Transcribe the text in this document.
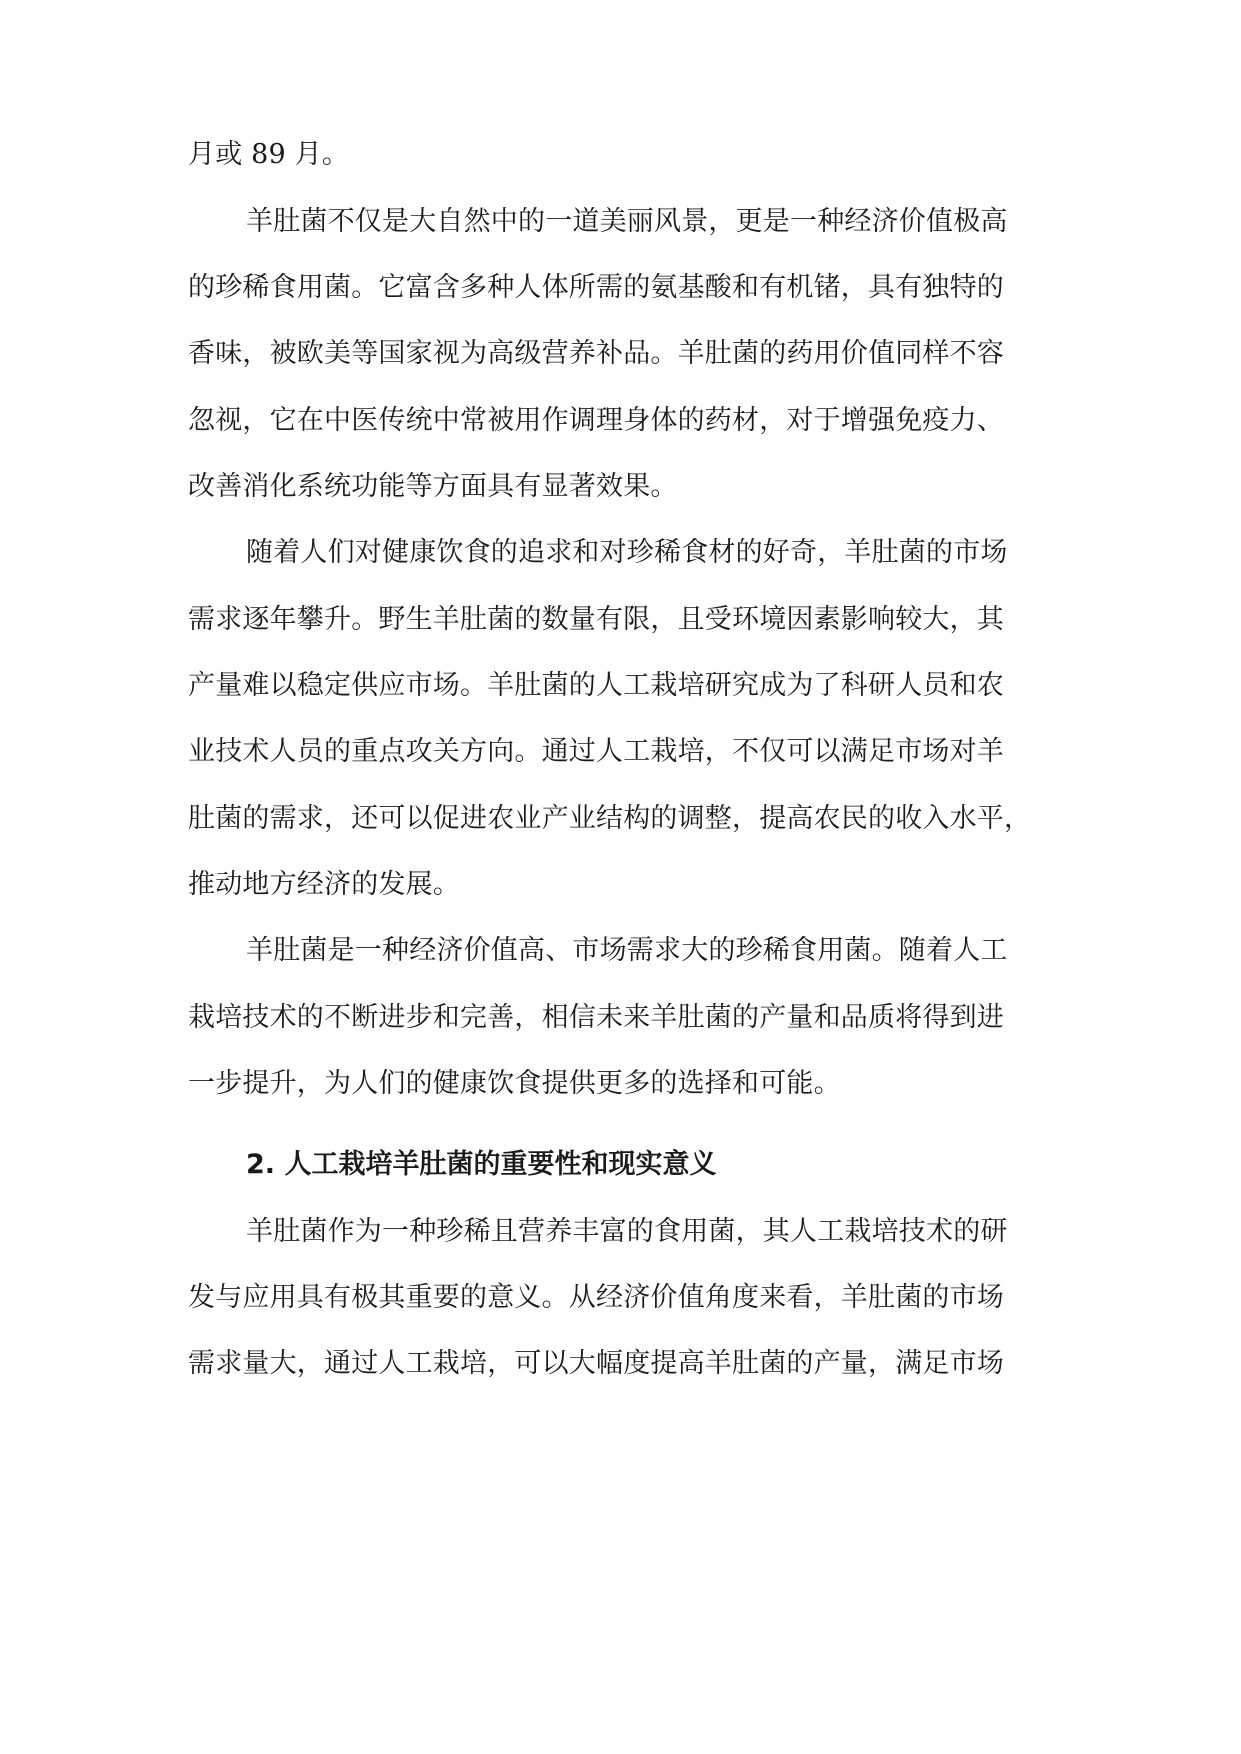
月或 89 月。
羊肚菌不仅是大自然中的一道美丽风景，更是一种经济价值极高
的珍稀食用菌。它富含多种人体所需的氨基酸和有机锗，具有独特的
香味，被欧美等国家视为高级营养补品。羊肚菌的药用价值同样不容
忽视，它在中医传统中常被用作调理身体的药材，对于增强免疫力、
改善消化系统功能等方面具有显著效果。
随着人们对健康饮食的追求和对珍稀食材的好奇，羊肚菌的市场
需求逐年攀升。野生羊肚菌的数量有限，且受环境因素影响较大，其
产量难以稳定供应市场。羊肚菌的人工栽培研究成为了科研人员和农
业技术人员的重点攻关方向。通过人工栽培，不仅可以满足市场对羊
肚菌的需求，还可以促进农业产业结构的调整，提高农民的收入水平，
推动地方经济的发展。
羊肚菌是一种经济价值高、市场需求大的珍稀食用菌。随着人工
栽培技术的不断进步和完善，相信未来羊肚菌的产量和品质将得到进
一步提升，为人们的健康饮食提供更多的选择和可能。
2. 人工栽培羊肚菌的重要性和现实意义
羊肚菌作为一种珍稀且营养丰富的食用菌，其人工栽培技术的研
发与应用具有极其重要的意义。从经济价值角度来看，羊肚菌的市场
需求量大，通过人工栽培，可以大幅度提高羊肚菌的产量，满足市场
